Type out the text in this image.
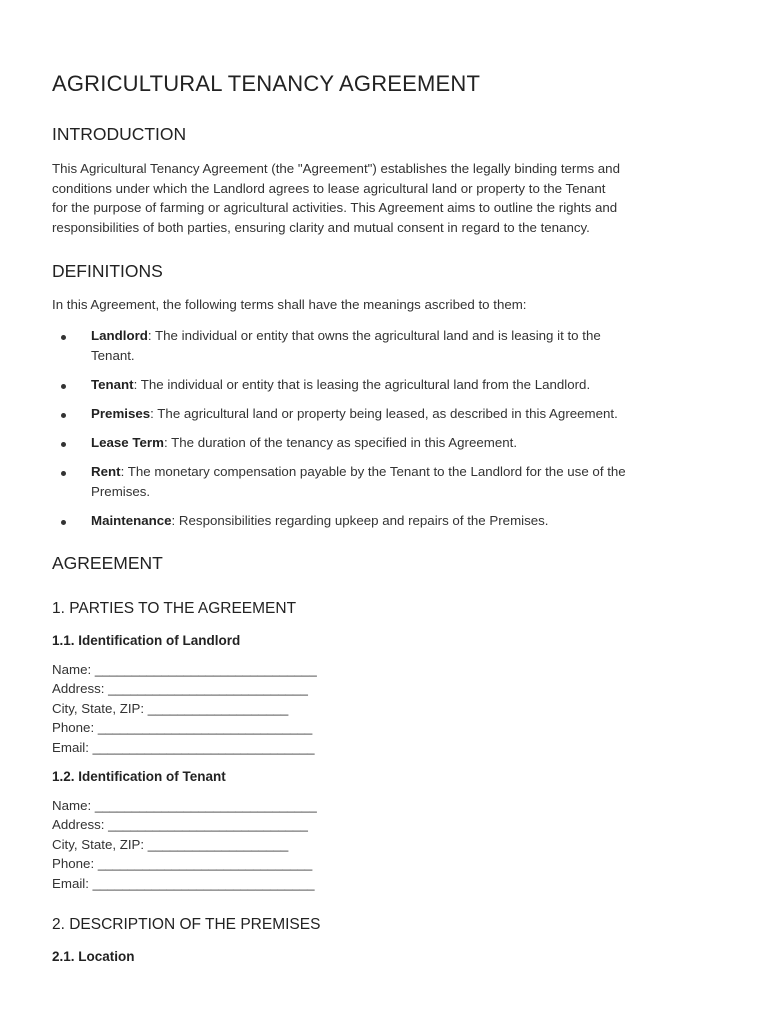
AGRICULTURAL TENANCY AGREEMENT
INTRODUCTION

This Agricultural Tenancy Agreement (the "Agreement") establishes the legally binding terms and

conditions under which the Landlord agrees to lease agricultural land or property to the Tenant

for the purpose of farming or agricultural activities. This Agreement aims to outline the rights and

responsibilities of both parties, ensuring clarity and mutual consent in regard to the tenancy.

DEFINITIONS

In this Agreement, the following terms shall have the meanings ascribed to them:

Landlord: The individual or entity that owns the agricultural land and is leasing it to the
Tenant.
Tenant: The individual or entity that is leasing the agricultural land from the Landlord.
Premises: The agricultural land or property being leased, as described in this Agreement.
Lease Term: The duration of the tenancy as specified in this Agreement.
Rent: The monetary compensation payable by the Tenant to the Landlord for the use of the
Premises.
Maintenance: Responsibilities regarding upkeep and repairs of the Premises.
AGREEMENT
1. PARTIES TO THE AGREEMENT
1.1. Identification of Landlord

Name: ______________________________

Address: ___________________________

City, State, ZIP: ___________________

Phone: _____________________________

Email: ______________________________

1.2. Identification of Tenant

Name: ______________________________

Address: ___________________________

City, State, ZIP: ___________________

Phone: _____________________________

Email: ______________________________

2. DESCRIPTION OF THE PREMISES
2.1. Location
